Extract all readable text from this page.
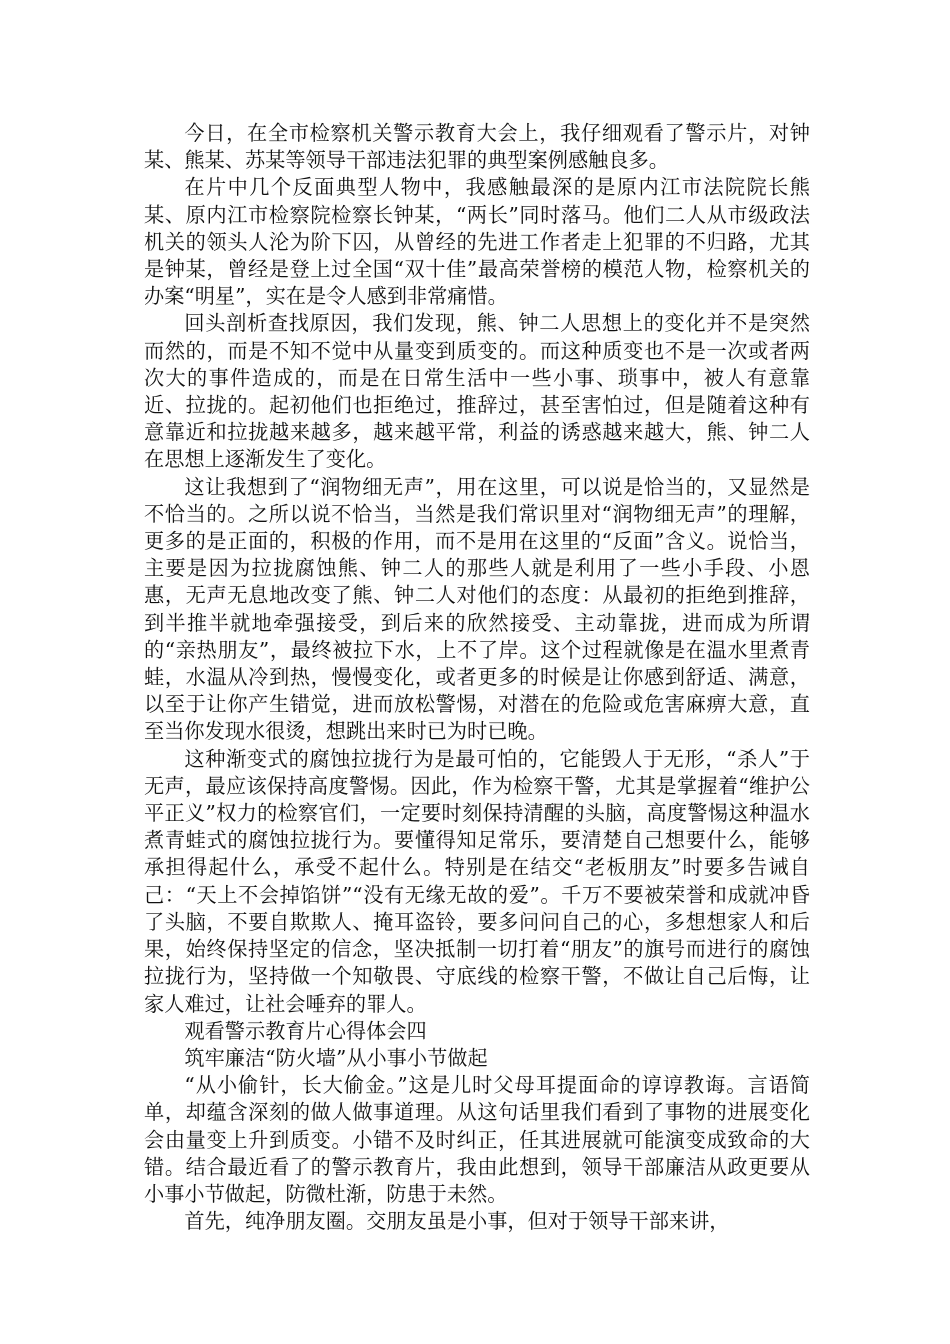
今日，在全市检察机关警示教育大会上，我仔细观看了警示片，对钟某、熊某、苏某等领导干部违法犯罪的典型案例感触良多。

在片中几个反面典型人物中，我感触最深的是原内江市法院院长熊某、原内江市检察院检察长钟某，“两长”同时落马。他们二人从市级政法机关的领头人沦为阶下囚，从曾经的先进工作者走上犯罪的不归路，尤其是钟某，曾经是登上过全国“双十佳”最高荣誉榜的模范人物，检察机关的办案“明星”，实在是令人感到非常痛惜。

回头剖析查找原因，我们发现，熊、钟二人思想上的变化并不是突然而然的，而是不知不觉中从量变到质变的。而这种质变也不是一次或者两次大的事件造成的，而是在日常生活中一些小事、琐事中，被人有意靠近、拉拢的。起初他们也拒绝过，推辞过，甚至害怕过，但是随着这种有意靠近和拉拢越来越多，越来越平常，利益的诱惑越来越大，熊、钟二人在思想上逐渐发生了变化。

这让我想到了“润物细无声”，用在这里，可以说是恰当的，又显然是不恰当的。之所以说不恰当，当然是我们常识里对“润物细无声”的理解，更多的是正面的，积极的作用，而不是用在这里的“反面”含义。说恰当，主要是因为拉拢腐蚀熊、钟二人的那些人就是利用了一些小手段、小恩惠，无声无息地改变了熊、钟二人对他们的态度：从最初的拒绝到推辞，到半推半就地牵强接受，到后来的欣然接受、主动靠拢，进而成为所谓的“亲热朋友”，最终被拉下水，上不了岸。这个过程就像是在温水里煮青蛙，水温从冷到热，慢慢变化，或者更多的时候是让你感到舒适、满意，以至于让你产生错觉，进而放松警惕，对潜在的危险或危害麻痹大意，直至当你发现水很烫，想跳出来时已为时已晚。

这种渐变式的腐蚀拉拢行为是最可怕的，它能毁人于无形，“杀人”于无声，最应该保持高度警惕。因此，作为检察干警，尤其是掌握着“维护公平正义”权力的检察官们，一定要时刻保持清醒的头脑，高度警惕这种温水煮青蛙式的腐蚀拉拢行为。要懂得知足常乐，要清楚自己想要什么，能够承担得起什么，承受不起什么。特别是在结交“老板朋友”时要多告诫自己：“天上不会掉馅饼”“没有无缘无故的爱”。千万不要被荣誉和成就冲昏了头脑，不要自欺欺人、掩耳盗铃，要多问问自己的心，多想想家人和后果，始终保持坚定的信念，坚决抵制一切打着“朋友”的旗号而进行的腐蚀拉拢行为，坚持做一个知敬畏、守底线的检察干警，不做让自己后悔，让家人难过，让社会唾弃的罪人。

观看警示教育片心得体会四

筑牢廉洁“防火墙”从小事小节做起

“从小偷针，长大偷金。”这是儿时父母耳提面命的谆谆教诲。言语简单，却蕴含深刻的做人做事道理。从这句话里我们看到了事物的进展变化会由量变上升到质变。小错不及时纠正，任其进展就可能演变成致命的大错。结合最近看了的警示教育片，我由此想到，领导干部廉洁从政更要从小事小节做起，防微杜渐，防患于未然。

首先，纯净朋友圈。交朋友虽是小事，但对于领导干部来讲，
